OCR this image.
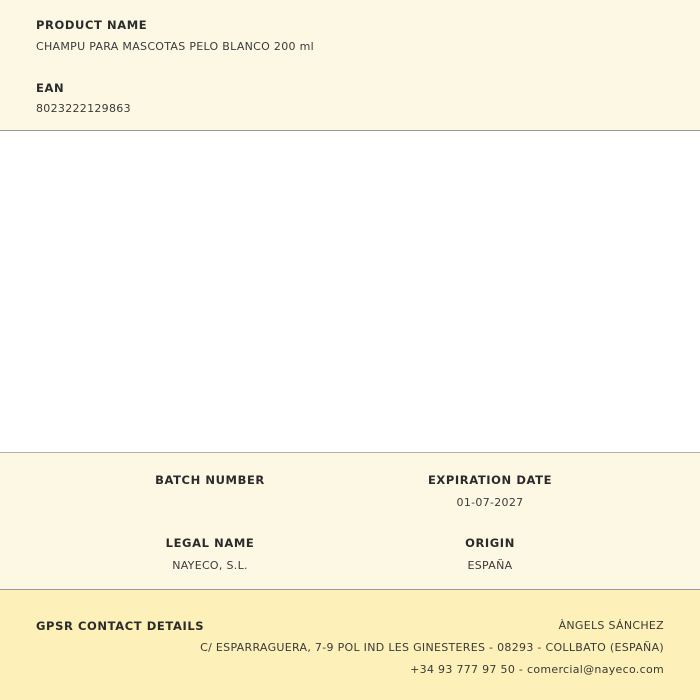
PRODUCT NAME
CHAMPU PARA MASCOTAS PELO BLANCO 200 ml
EAN
8023222129863
BATCH NUMBER	EXPIRATION DATE
01-07-2027
LEGAL NAME
NAYECO, S.L.
ORIGIN
ESPAÑA
GPSR CONTACT DETAILS	ÀNGELS SÁNCHEZ
C/ ESPARRAGUERA, 7-9 POL IND LES GINESTERES - 08293 - COLLBATO (ESPAÑA)
+34 93 777 97 50 - comercial@nayeco.com
